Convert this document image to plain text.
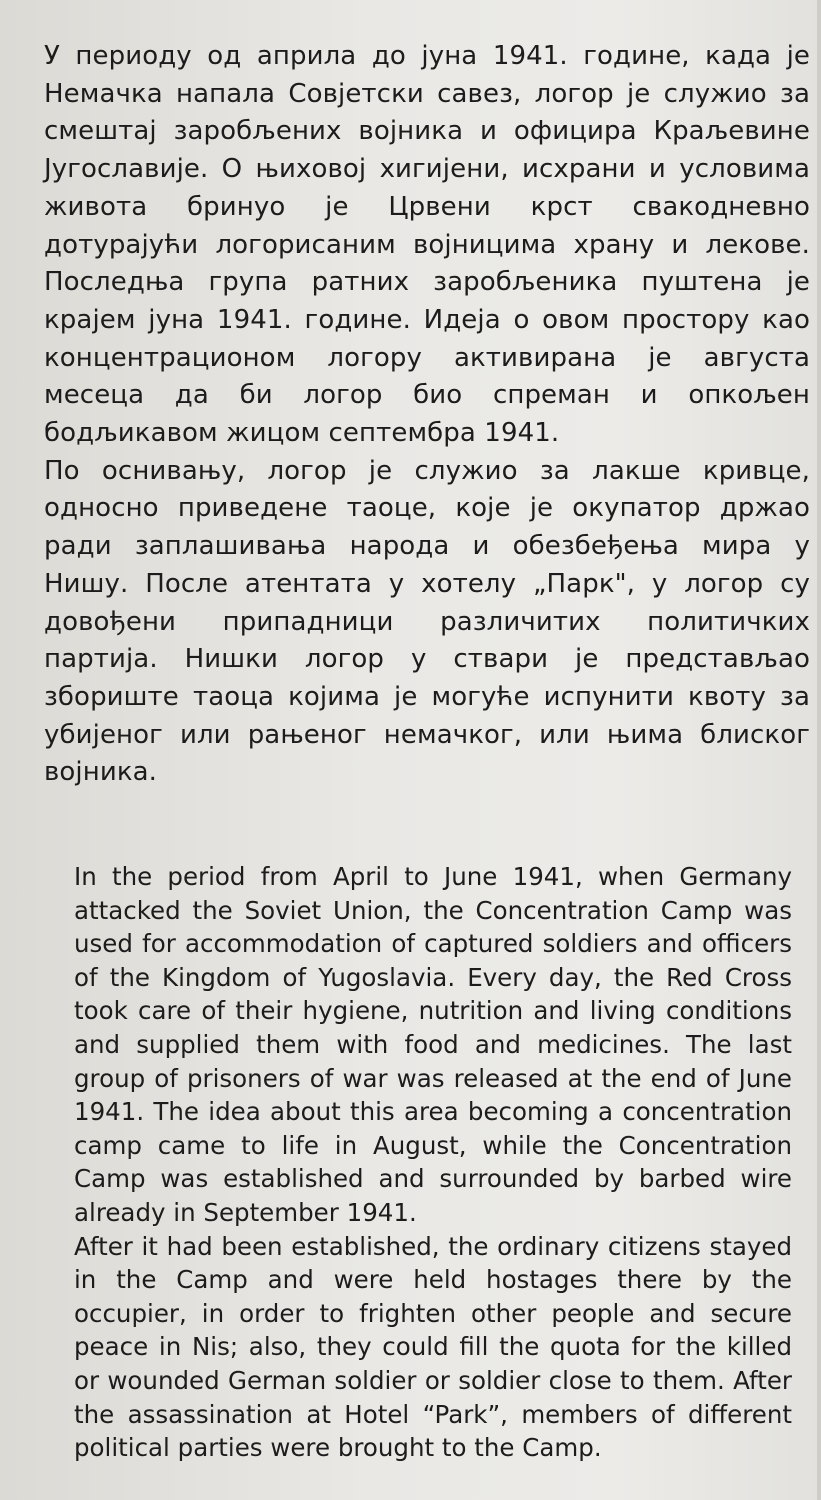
У периоду од априла до јуна 1941. године, када је Немачка напала Совјетски савез, логор је служио за смештај заробљених војника и официра Краљевине Југославије. О њиховој хигијени, исхрани и условима живота бринуо је Црвени крст свакодневно дотурајући логорисаним војницима храну и лекове. Последња група ратних заробљеника пуштена је крајем јуна 1941. године. Идеја о овом простору као концентрационом логору активирана је августа месеца да би логор био спреман и опкољен бодљикавом жицом септембра 1941.

По оснивању, логор је служио за лакше кривце, односно приведене таоце, које је окупатор држао ради заплашивања народа и обезбеђења мира у Нишу. После атентата у хотелу „Парк", у логор су довођени припадници различитих политичких партија. Нишки логор у ствари је представљао збориште таоца којима је могуће испунити квоту за убијеног или рањеног немачког, или њима блиског војника.

In the period from April to June 1941, when Germany attacked the Soviet Union, the Concentration Camp was used for accommodation of captured soldiers and officers of the Kingdom of Yugoslavia. Every day, the Red Cross took care of their hygiene, nutrition and living conditions and supplied them with food and medicines. The last group of prisoners of war was released at the end of June 1941. The idea about this area becoming a concentration camp came to life in August, while the Concentration Camp was established and surrounded by barbed wire already in September 1941.

After it had been established, the ordinary citizens stayed in the Camp and were held hostages there by the occupier, in order to frighten other people and secure peace in Nis; also, they could fill the quota for the killed or wounded German soldier or soldier close to them. After the assassination at Hotel “Park”, members of different political parties were brought to the Camp.
